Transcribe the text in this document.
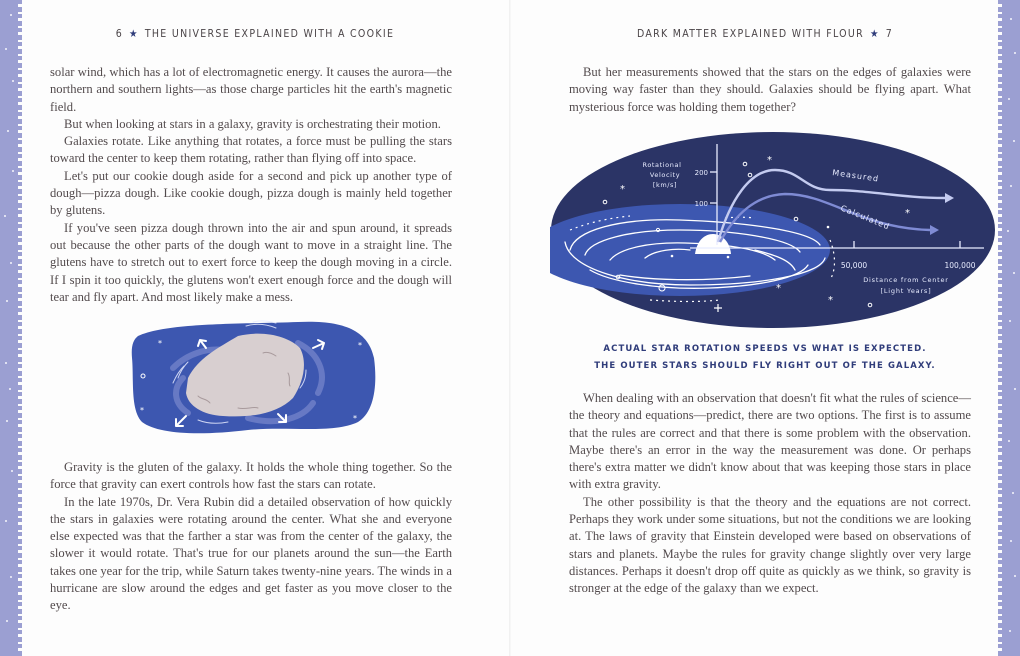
6 ★ THE UNIVERSE EXPLAINED WITH A COOKIE

solar wind, which has a lot of electromagnetic energy. It causes the aurora—the northern and southern lights—as those charge particles hit the earth's magnetic field.

But when looking at stars in a galaxy, gravity is orchestrating their motion.

Galaxies rotate. Like anything that rotates, a force must be pulling the stars toward the center to keep them rotating, rather than flying off into space.

Let's put our cookie dough aside for a second and pick up another type of dough—pizza dough. Like cookie dough, pizza dough is mainly held together by glutens.

If you've seen pizza dough thrown into the air and spun around, it spreads out because the other parts of the dough want to move in a straight line. The glutens have to stretch out to exert force to keep the dough moving in a circle. If I spin it too quickly, the glutens won't exert enough force and the dough will tear and fly apart. And most likely make a mess.

*	*
*
*

Gravity is the gluten of the galaxy. It holds the whole thing together. So the force that gravity can exert controls how fast the stars can rotate.

In the late 1970s, Dr. Vera Rubin did a detailed observation of how quickly the stars in galaxies were rotating around the center. What she and everyone else expected was that the farther a star was from the center of the galaxy, the slower it would rotate. That's true for our planets around the sun—the Earth takes one year for the trip, while Saturn takes twenty-nine years. The winds in a hurricane are slow around the edges and get faster as you move closer to the eye.

DARK MATTER EXPLAINED WITH FLOUR ★ 7

But her measurements showed that the stars on the edges of galaxies were moving way faster than they should. Galaxies should be flying apart. What mysterious force was holding them together?

Rotational
Velocity
[km/s]
200
100
50,000	100,000
Distance from Center
[Light Years]
Measured
Calculated
*
*
*
*
*
ACTUAL STAR ROTATION SPEEDS VS WHAT IS EXPECTED.
THE OUTER STARS SHOULD FLY RIGHT OUT OF THE GALAXY.

When dealing with an observation that doesn't fit what the rules of science—the theory and equations—predict, there are two options. The first is to assume that the rules are correct and that there is some problem with the observation. Maybe there's an error in the way the measurement was done. Or perhaps there's extra matter we didn't know about that was keeping those stars in place with extra gravity.

The other possibility is that the theory and the equations are not correct. Perhaps they work under some situations, but not the conditions we are looking at. The laws of gravity that Einstein developed were based on observations of stars and planets. Maybe the rules for gravity change slightly over very large distances. Perhaps it doesn't drop off quite as quickly as we think, so gravity is stronger at the edge of the galaxy than we expect.
